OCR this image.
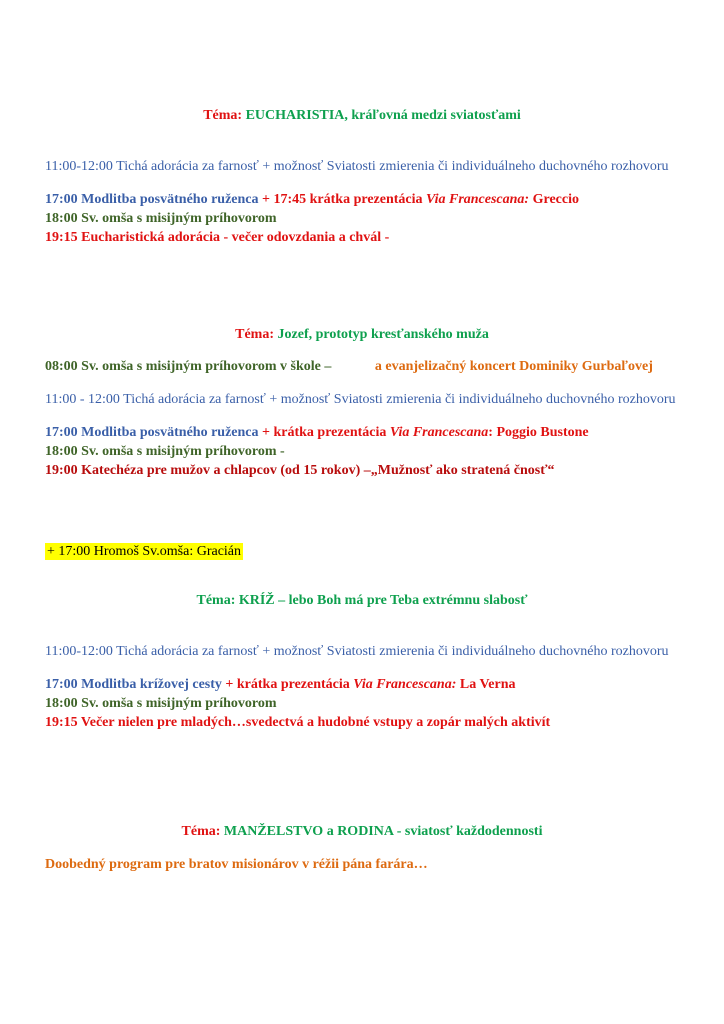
Téma: EUCHARISTIA, kráľovná medzi sviatosťami

11:00-12:00 Tichá adorácia za farnosť + možnosť Sviatosti zmierenia či individuálneho duchovného rozhovoru

17:00 Modlitba posvätného ruženca + 17:45 krátka prezentácia Via Francescana: Greccio
18:00 Sv. omša s misijným príhovorom
19:15 Eucharistická adorácia - večer odovzdania a chvál -

Téma: Jozef, prototyp kresťanského muža

08:00 Sv. omša s misijným príhovorom v škole –	a evanjelizačný koncert Dominiky Gurbaľovej

11:00 - 12:00 Tichá adorácia za farnosť + možnosť Sviatosti zmierenia či individuálneho duchovného rozhovoru

17:00 Modlitba posvätného ruženca + krátka prezentácia Via Francescana: Poggio Bustone
18:00 Sv. omša s misijným príhovorom -
19:00 Katechéza pre mužov a chlapcov (od 15 rokov) –„Mužnosť ako stratená čnosť“

+ 17:00 Hromoš Sv.omša: Gracián

Téma: KRÍŽ – lebo Boh má pre Teba extrémnu slabosť

11:00-12:00 Tichá adorácia za farnosť + možnosť Sviatosti zmierenia či individuálneho duchovného rozhovoru

17:00 Modlitba krížovej cesty + krátka prezentácia Via Francescana: La Verna
18:00 Sv. omša s misijným príhovorom
19:15 Večer nielen pre mladých…svedectvá a hudobné vstupy a zopár malých aktivít

Téma: MANŽELSTVO a RODINA - sviatosť každodennosti

Doobedný program pre bratov misionárov v réžii pána farára…
